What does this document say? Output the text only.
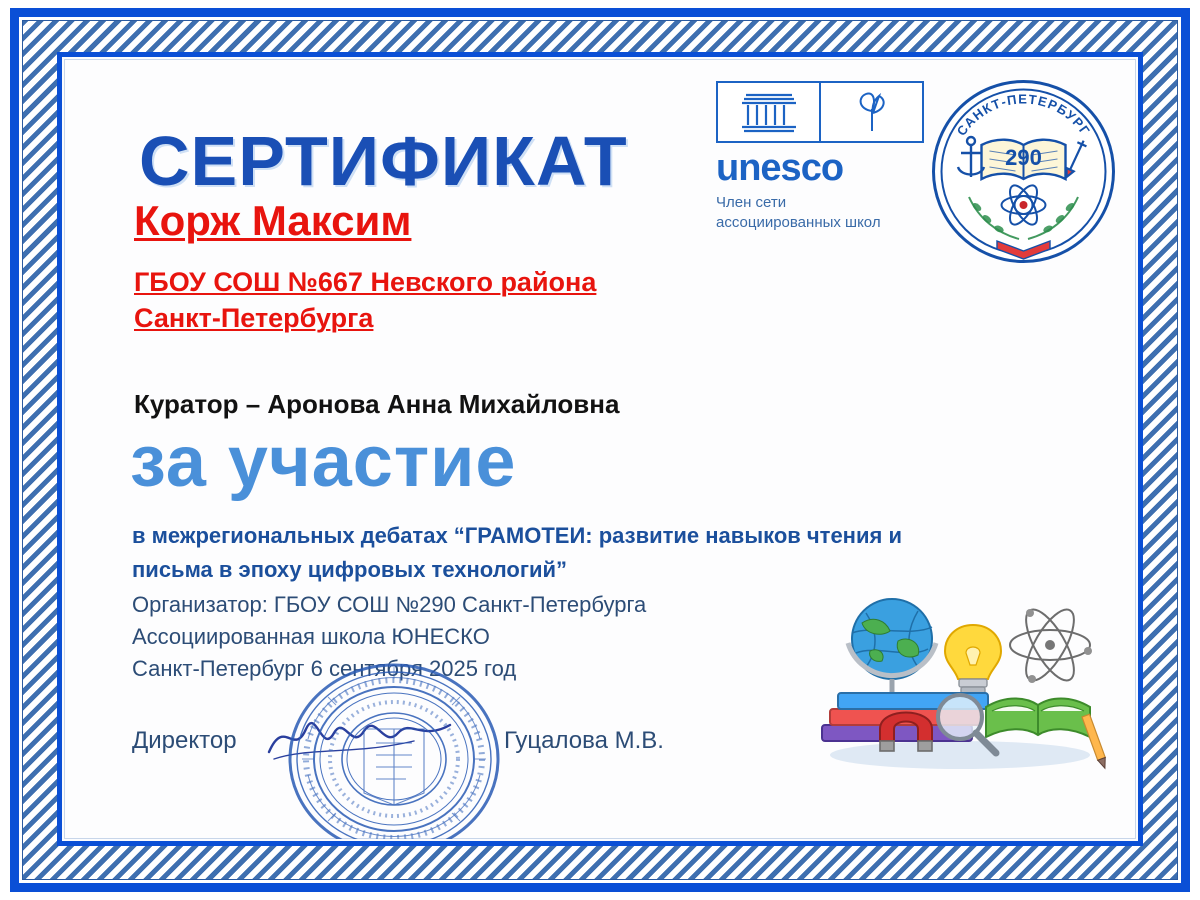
СЕРТИФИКАТ
Корж Максим
ГБОУ СОШ №667 Невского района
Санкт-Петербурга
Куратор – Аронова Анна Михайловна
за участие
в межрегиональных дебатах “ГРАМОТЕИ: развитие навыков чтения и письма в эпоху цифровых технологий”
Организатор: ГБОУ СОШ №290 Санкт-Петербурга
Ассоциированная школа ЮНЕСКО
Санкт-Петербург 6 сентября 2025 год
Директор	Гуцалова М.В.
unesco
Член сети
ассоциированных школ
САНКТ-ПЕТЕРБУРГ
290
